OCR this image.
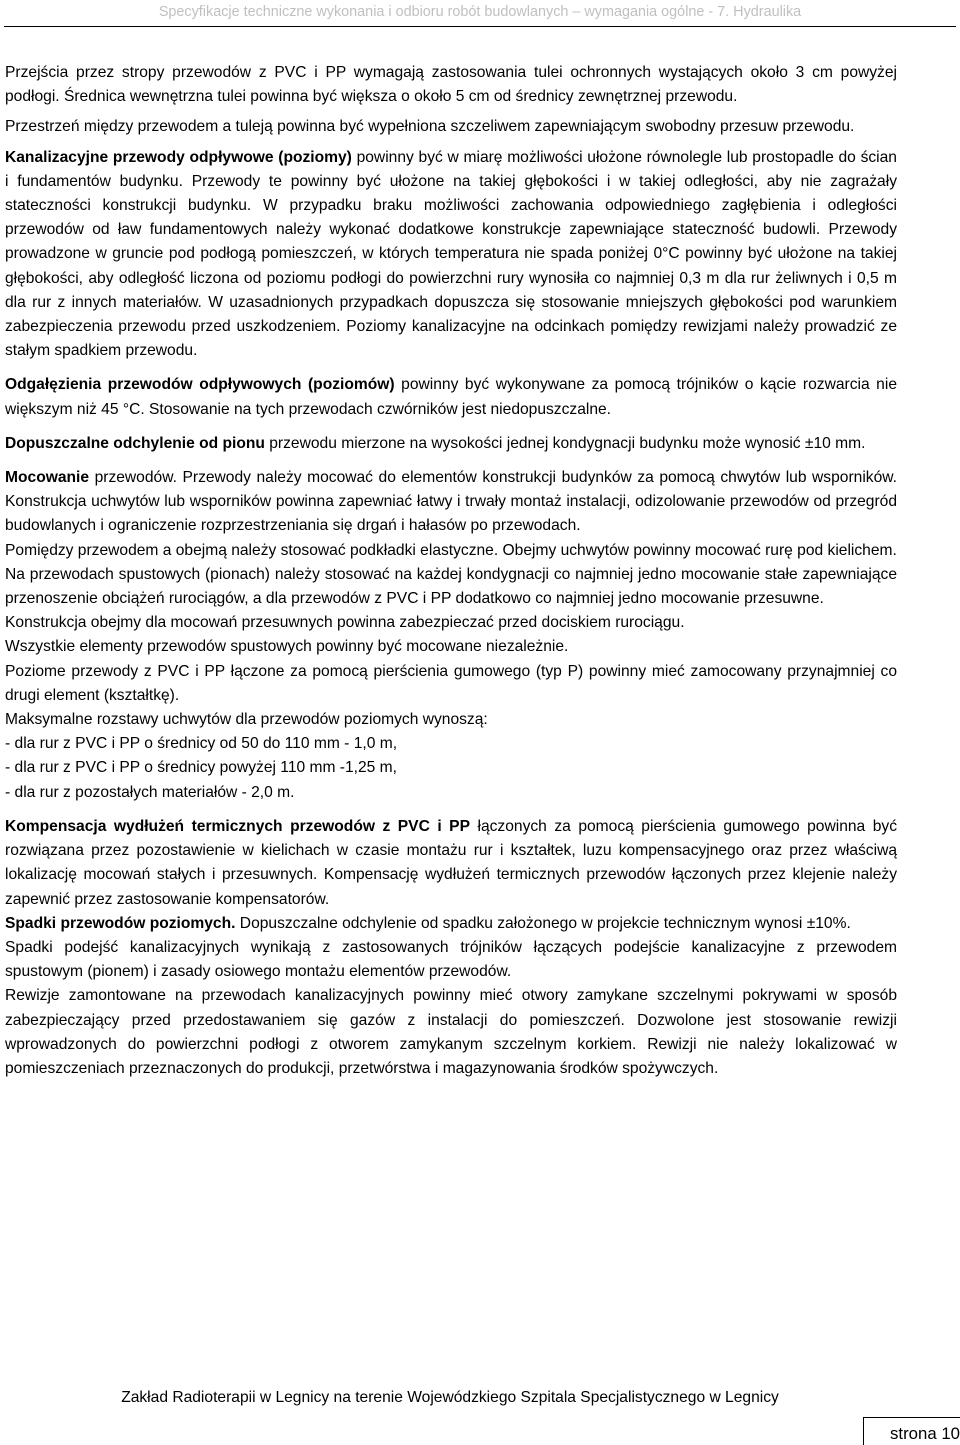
Specyfikacje techniczne wykonania i odbioru robót budowlanych – wymagania ogólne - 7. Hydraulika

Przejścia przez stropy przewodów z PVC i PP wymagają zastosowania tulei ochronnych wystających około 3 cm powyżej podłogi. Średnica wewnętrzna tulei powinna być większa o około 5 cm od średnicy zewnętrznej przewodu.

Przestrzeń między przewodem a tuleją powinna być wypełniona szczeliwem zapewniającym swobodny przesuw przewodu.

Kanalizacyjne przewody odpływowe (poziomy) powinny być w miarę możliwości ułożone równolegle lub prostopadle do ścian i fundamentów budynku. Przewody te powinny być ułożone na takiej głębokości i w takiej odległości, aby nie zagrażały stateczności konstrukcji budynku. W przypadku braku możliwości zachowania odpowiedniego zagłębienia i odległości przewodów od ław fundamentowych należy wykonać dodatkowe konstrukcje zapewniające stateczność budowli. Przewody prowadzone w gruncie pod podłogą pomieszczeń, w których temperatura nie spada poniżej 0°C powinny być ułożone na takiej głębokości, aby odległość liczona od poziomu podłogi do powierzchni rury wynosiła co najmniej 0,3 m dla rur żeliwnych i 0,5 m dla rur z innych materiałów. W uzasadnionych przypadkach dopuszcza się stosowanie mniejszych głębokości pod warunkiem zabezpieczenia przewodu przed uszkodzeniem. Poziomy kanalizacyjne na odcinkach pomiędzy rewizjami należy prowadzić ze stałym spadkiem przewodu.

Odgałęzienia przewodów odpływowych (poziomów) powinny być wykonywane za pomocą trójników o kącie rozwarcia nie większym niż 45 °C. Stosowanie na tych przewodach czwórników jest niedopuszczalne.

Dopuszczalne odchylenie od pionu przewodu mierzone na wysokości jednej kondygnacji budynku może wynosić ±10 mm.

Mocowanie przewodów. Przewody należy mocować do elementów konstrukcji budynków za pomocą chwytów lub wsporników. Konstrukcja uchwytów lub wsporników powinna zapewniać łatwy i trwały montaż instalacji, odizolowanie przewodów od przegród budowlanych i ograniczenie rozprzestrzeniania się drgań i hałasów po przewodach.

Pomiędzy przewodem a obejmą należy stosować podkładki elastyczne. Obejmy uchwytów powinny mocować rurę pod kielichem.

Na przewodach spustowych (pionach) należy stosować na każdej kondygnacji co najmniej jedno mocowanie stałe zapewniające przenoszenie obciążeń rurociągów, a dla przewodów z PVC i PP dodatkowo co najmniej jedno mocowanie przesuwne.

Konstrukcja obejmy dla mocowań przesuwnych powinna zabezpieczać przed dociskiem rurociągu.

Wszystkie elementy przewodów spustowych powinny być mocowane niezależnie.

Poziome przewody z PVC i PP łączone za pomocą pierścienia gumowego (typ P) powinny mieć zamocowany przynajmniej co drugi element (kształtkę).

Maksymalne rozstawy uchwytów dla przewodów poziomych wynoszą:

- dla rur z PVC i PP o średnicy od 50 do 110 mm - 1,0 m,

- dla rur z PVC i PP o średnicy powyżej 110 mm -1,25 m,

- dla rur z pozostałych materiałów - 2,0 m.

Kompensacja wydłużeń termicznych przewodów z PVC i PP łączonych za pomocą pierścienia gumowego powinna być rozwiązana przez pozostawienie w kielichach w czasie montażu rur i kształtek, luzu kompensacyjnego oraz przez właściwą lokalizację mocowań stałych i przesuwnych. Kompensację wydłużeń termicznych przewodów łączonych przez klejenie należy zapewnić przez zastosowanie kompensatorów.

Spadki przewodów poziomych. Dopuszczalne odchylenie od spadku założonego w projekcie technicznym wynosi ±10%.

Spadki podejść kanalizacyjnych wynikają z zastosowanych trójników łączących podejście kanalizacyjne z przewodem spustowym (pionem) i zasady osiowego montażu elementów przewodów.

Rewizje zamontowane na przewodach kanalizacyjnych powinny mieć otwory zamykane szczelnymi pokrywami w sposób zabezpieczający przed przedostawaniem się gazów z instalacji do pomieszczeń. Dozwolone jest stosowanie rewizji wprowadzonych do powierzchni podłogi z otworem zamykanym szczelnym korkiem. Rewizji nie należy lokalizować w pomieszczeniach przeznaczonych do produkcji, przetwórstwa i magazynowania środków spożywczych.

Zakład Radioterapii w Legnicy na terenie Wojewódzkiego Szpitala Specjalistycznego w Legnicy
strona 10
